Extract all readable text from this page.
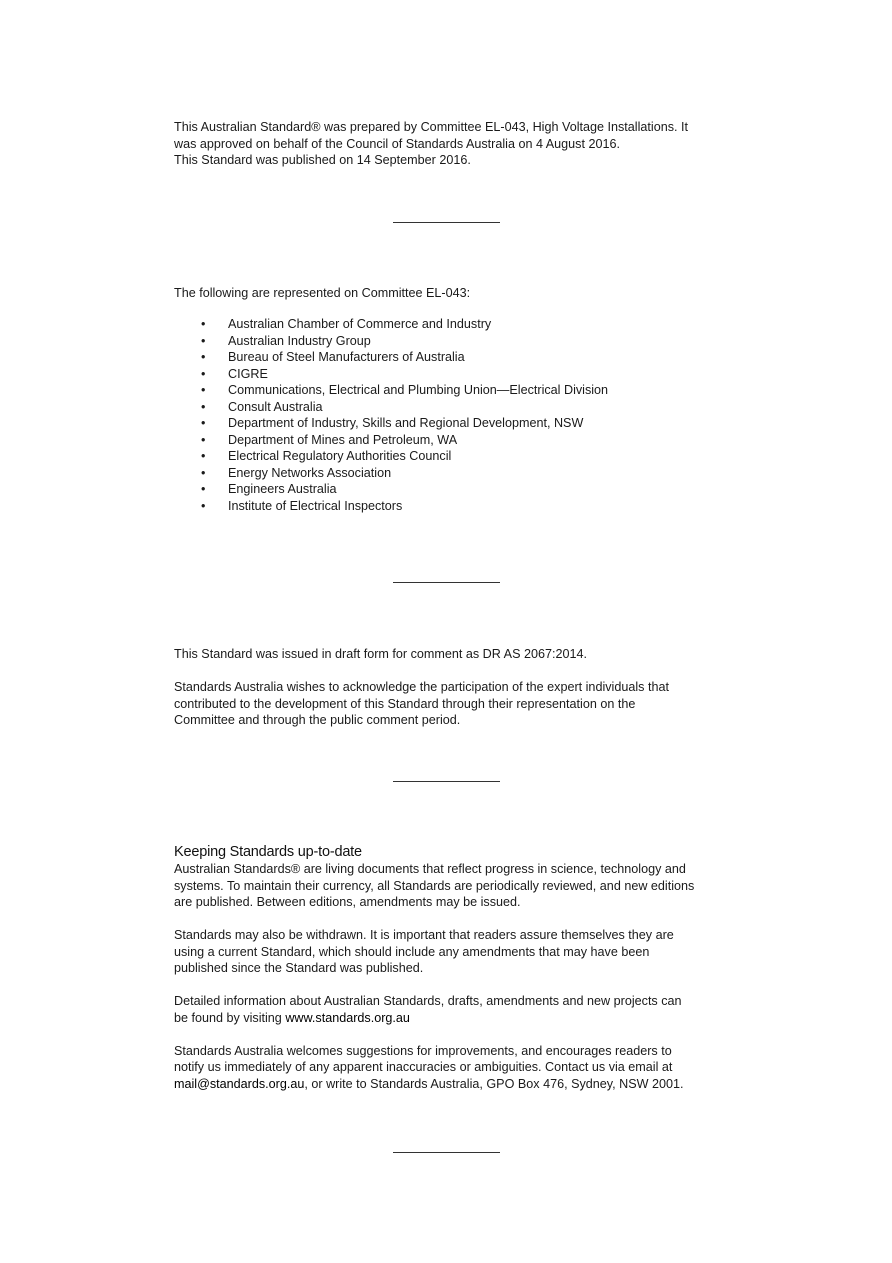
This Australian Standard® was prepared by Committee EL-043, High Voltage Installations. It

was approved on behalf of the Council of Standards Australia on 4 August 2016.

This Standard was published on 14 September 2016.

The following are represented on Committee EL-043:

• Australian Chamber of Commerce and Industry
• Australian Industry Group
• Bureau of Steel Manufacturers of Australia
• CIGRE
• Communications, Electrical and Plumbing Union—Electrical Division
• Consult Australia
• Department of Industry, Skills and Regional Development, NSW
• Department of Mines and Petroleum, WA
• Electrical Regulatory Authorities Council
• Energy Networks Association
• Engineers Australia
• Institute of Electrical Inspectors

This Standard was issued in draft form for comment as DR AS 2067:2014.

Standards Australia wishes to acknowledge the participation of the expert individuals that

contributed to the development of this Standard through their representation on the

Committee and through the public comment period.

Keeping Standards up-to-date

Australian Standards® are living documents that reflect progress in science, technology and

systems. To maintain their currency, all Standards are periodically reviewed, and new editions

are published. Between editions, amendments may be issued.

Standards may also be withdrawn. It is important that readers assure themselves they are

using a current Standard, which should include any amendments that may have been

published since the Standard was published.

Detailed information about Australian Standards, drafts, amendments and new projects can

be found by visiting www.standards.org.au

Standards Australia welcomes suggestions for improvements, and encourages readers to

notify us immediately of any apparent inaccuracies or ambiguities. Contact us via email at

mail@standards.org.au, or write to Standards Australia, GPO Box 476, Sydney, NSW 2001.
